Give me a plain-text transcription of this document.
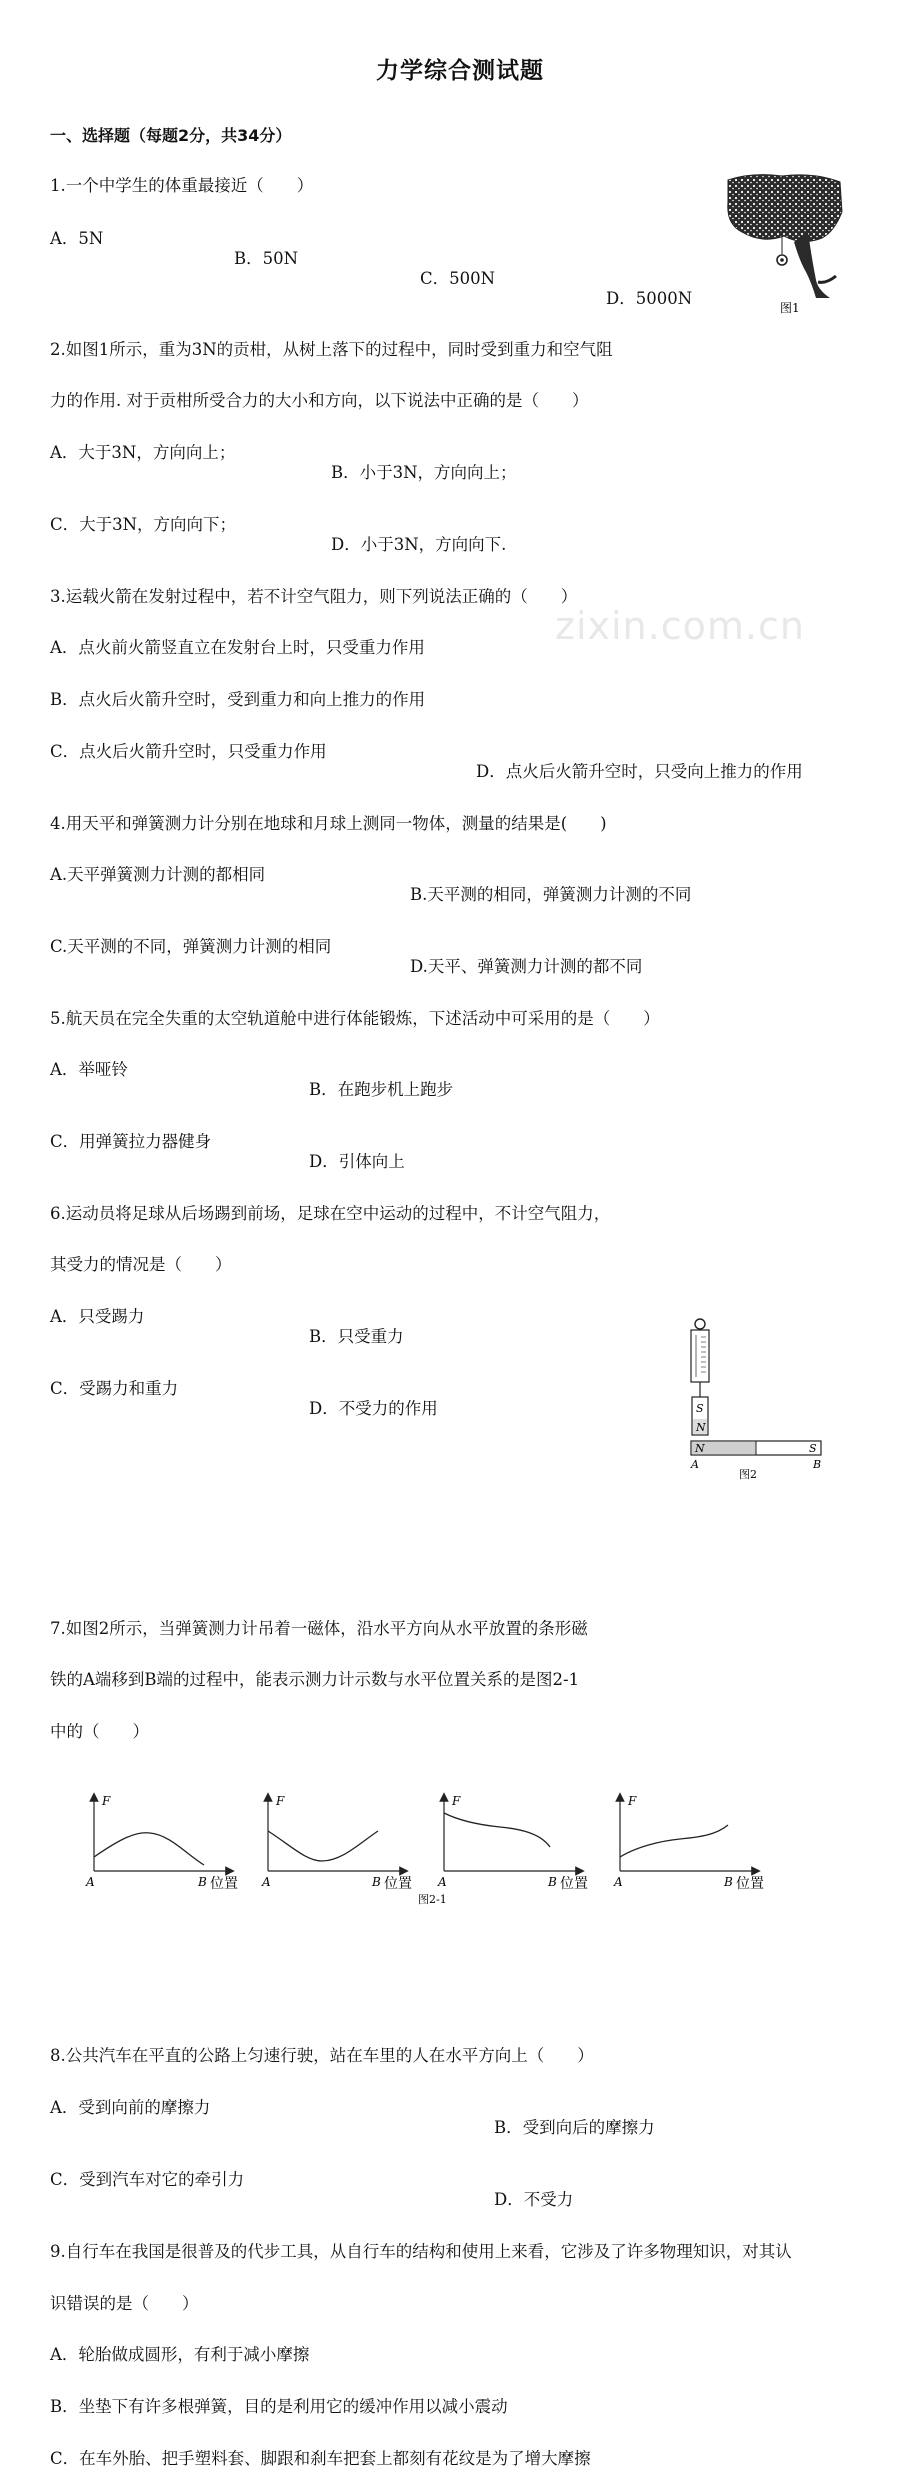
zixin.com.cn
力学综合测试题
一、选择题（每题2分，共34分）
1.一个中学生的体重最接近（　　）
A．5N
B．50N
C．500N
D．5000N
2.如图1所示，重为3N的贡柑，从树上落下的过程中，同时受到重力和空气阻
力的作用. 对于贡柑所受合力的大小和方向，以下说法中正确的是（　　）
A．大于3N，方向向上；
B．小于3N，方向向上；
C．大于3N，方向向下；
D．小于3N，方向向下.
图1
3.运载火箭在发射过程中，若不计空气阻力，则下列说法正确的（　　）
A．点火前火箭竖直立在发射台上时，只受重力作用
B．点火后火箭升空时，受到重力和向上推力的作用
C．点火后火箭升空时，只受重力作用
D．点火后火箭升空时，只受向上推力的作用
4.用天平和弹簧测力计分别在地球和月球上测同一物体，测量的结果是(　　)
A.天平弹簧测力计测的都相同
B.天平测的相同，弹簧测力计测的不同
C.天平测的不同，弹簧测力计测的相同
D.天平、弹簧测力计测的都不同
5.航天员在完全失重的太空轨道舱中进行体能锻炼，下述活动中可采用的是（　　）
A．举哑铃
B．在跑步机上跑步
C．用弹簧拉力器健身
D．引体向上
6.运动员将足球从后场踢到前场，足球在空中运动的过程中，不计空气阻力，
其受力的情况是（　　）
A．只受踢力
B．只受重力
C．受踢力和重力
D．不受力的作用	S
N
N	S
A	B
图2
7.如图2所示，当弹簧测力计吊着一磁体，沿水平方向从水平放置的条形磁
铁的A端移到B端的过程中，能表示测力计示数与水平位置关系的是图2-1
中的（　　）
F
A	B 位置
F
A	B 位置
F
A	B 位置
图2-1
F
A	B 位置
8.公共汽车在平直的公路上匀速行驶，站在车里的人在水平方向上（　　）
A．受到向前的摩擦力
B．受到向后的摩擦力
C．受到汽车对它的牵引力
D．不受力
9.自行车在我国是很普及的代步工具，从自行车的结构和使用上来看，它涉及了许多物理知识，对其认
识错误的是（　　）
A．轮胎做成圆形，有利于减小摩擦
B．坐垫下有许多根弹簧，目的是利用它的缓冲作用以减小震动
C．在车外胎、把手塑料套、脚跟和刹车把套上都刻有花纹是为了增大摩擦
